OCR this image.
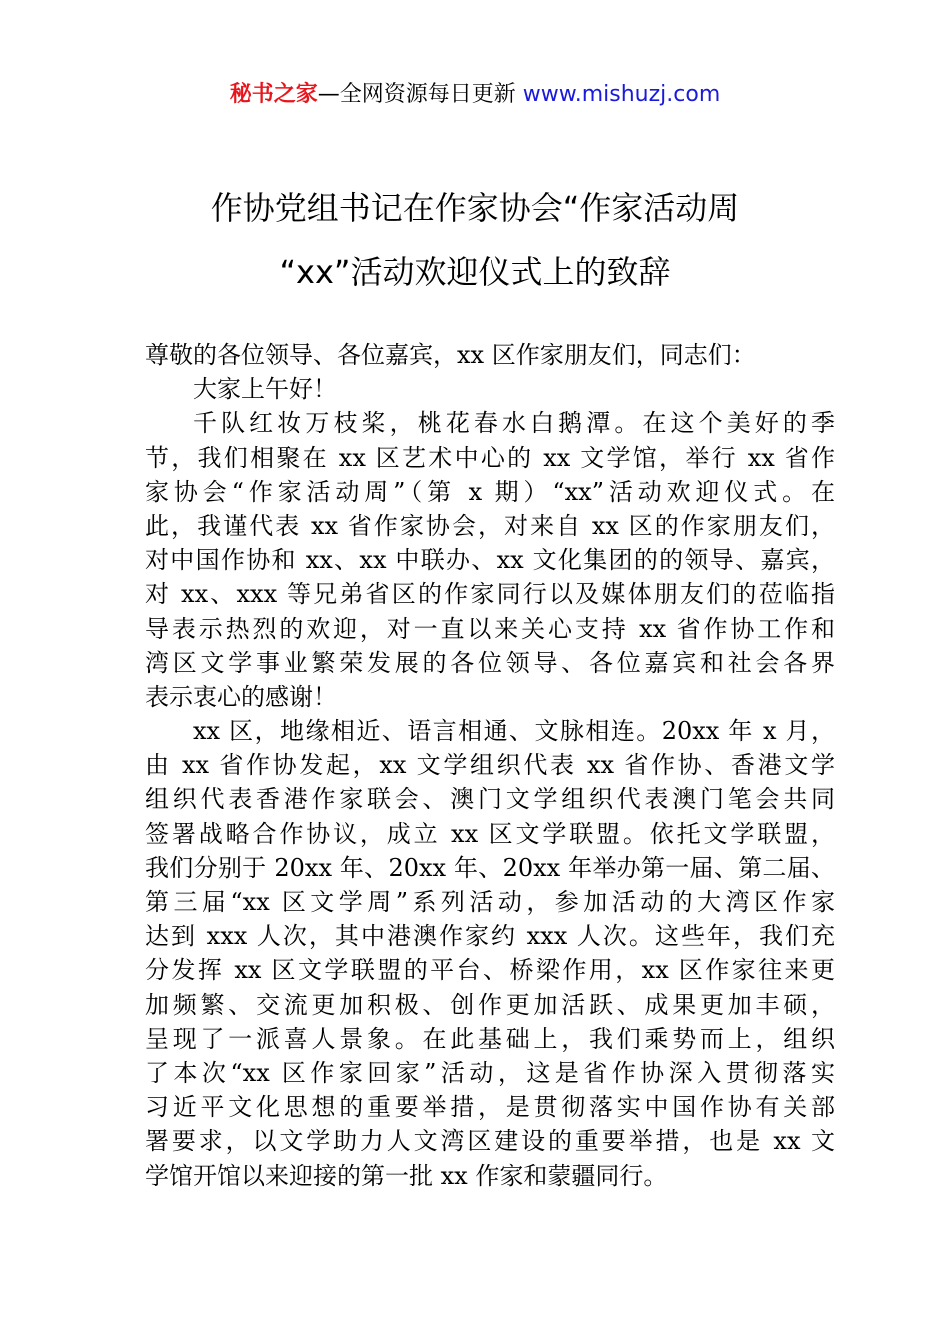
秘书之家—全网资源每日更新 www.mishuzj.com
作协党组书记在作家协会“作家活动周
“xx”活动欢迎仪式上的致辞
尊敬的各位领导、各位嘉宾，xx 区作家朋友们，同志们：
大家上午好！
千队红妆万枝桨，桃花春水白鹅潭。在这个美好的季
节，我们相聚在 xx 区艺术中心的 xx 文学馆，举行 xx 省作
家协会“作家活动周”（第 x 期）“xx”活动欢迎仪式。在
此，我谨代表 xx 省作家协会，对来自 xx 区的作家朋友们，
对中国作协和 xx、xx 中联办、xx 文化集团的的领导、嘉宾，
对 xx、xxx 等兄弟省区的作家同行以及媒体朋友们的莅临指
导表示热烈的欢迎，对一直以来关心支持 xx 省作协工作和
湾区文学事业繁荣发展的各位领导、各位嘉宾和社会各界
表示衷心的感谢！
xx 区，地缘相近、语言相通、文脉相连。20xx 年 x 月，
由 xx 省作协发起，xx 文学组织代表 xx 省作协、香港文学
组织代表香港作家联会、澳门文学组织代表澳门笔会共同
签署战略合作协议，成立 xx 区文学联盟。依托文学联盟，
我们分别于 20xx 年、20xx 年、20xx 年举办第一届、第二届、
第三届“xx 区文学周”系列活动，参加活动的大湾区作家
达到 xxx 人次，其中港澳作家约 xxx 人次。这些年，我们充
分发挥 xx 区文学联盟的平台、桥梁作用，xx 区作家往来更
加频繁、交流更加积极、创作更加活跃、成果更加丰硕，
呈现了一派喜人景象。在此基础上，我们乘势而上，组织
了本次“xx 区作家回家”活动，这是省作协深入贯彻落实
习近平文化思想的重要举措，是贯彻落实中国作协有关部
署要求，以文学助力人文湾区建设的重要举措，也是 xx 文
学馆开馆以来迎接的第一批 xx 作家和蒙疆同行。
